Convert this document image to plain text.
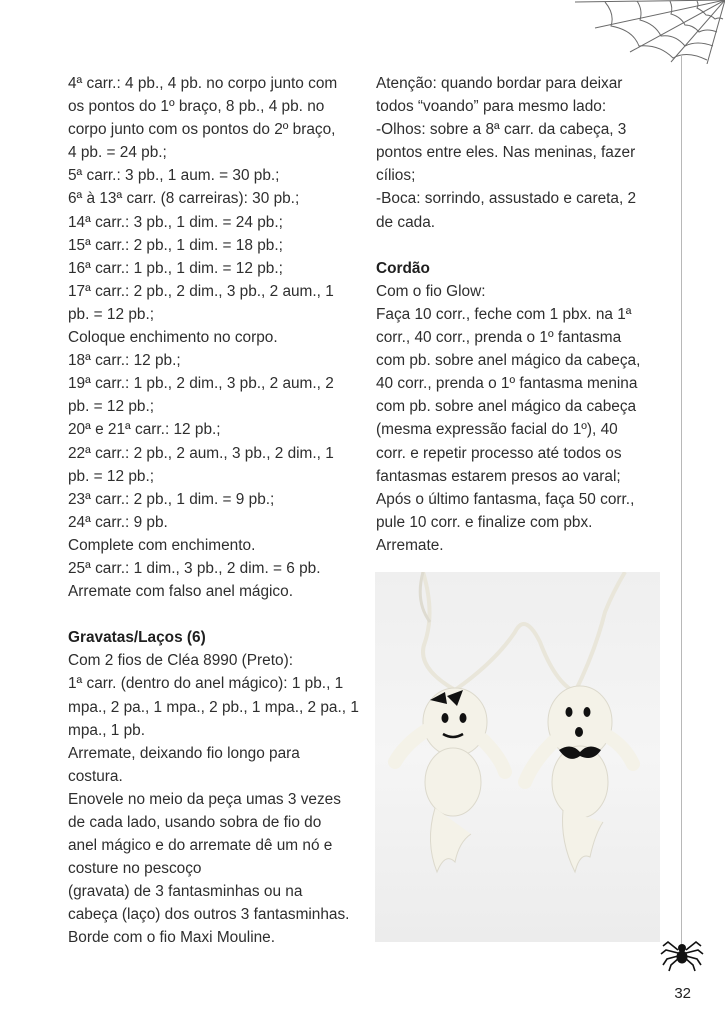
4ª carr.: 4 pb., 4 pb. no corpo junto com

os pontos do 1º braço, 8 pb., 4 pb. no

corpo junto com os pontos do 2º braço,

4 pb. = 24 pb.;

5ª carr.: 3 pb., 1 aum. = 30 pb.;

6ª à 13ª carr. (8 carreiras): 30 pb.;

14ª carr.: 3 pb., 1 dim. = 24 pb.;

15ª carr.: 2 pb., 1 dim. = 18 pb.;

16ª carr.: 1 pb., 1 dim. = 12 pb.;

17ª carr.: 2 pb., 2 dim., 3 pb., 2 aum., 1

pb. = 12 pb.;

Coloque enchimento no corpo.

18ª carr.: 12 pb.;

19ª carr.: 1 pb., 2 dim., 3 pb., 2 aum., 2

pb. = 12 pb.;

20ª e 21ª carr.: 12 pb.;

22ª carr.: 2 pb., 2 aum., 3 pb., 2 dim., 1

pb. = 12 pb.;

23ª carr.: 2 pb., 1 dim. = 9 pb.;

24ª carr.: 9 pb.

Complete com enchimento.

25ª carr.: 1 dim., 3 pb., 2 dim. = 6 pb.

Arremate com falso anel mágico.

Gravatas/Laços (6)

Com 2 fios de Cléa 8990 (Preto):

1ª carr. (dentro do anel mágico): 1 pb., 1

mpa., 2 pa., 1 mpa., 2 pb., 1 mpa., 2 pa., 1

mpa., 1 pb.

Arremate, deixando fio longo para

costura.

Enovele no meio da peça umas 3 vezes

de cada lado, usando sobra de fio do

anel mágico e do arremate dê um nó e

costure no pescoço

(gravata) de 3 fantasminhas ou na

cabeça (laço) dos outros 3 fantasminhas.

Borde com o fio Maxi Mouline.

Atenção: quando bordar para deixar

todos “voando” para mesmo lado:

-Olhos: sobre a 8ª carr. da cabeça, 3

pontos entre eles. Nas meninas, fazer

cílios;

-Boca: sorrindo, assustado e careta, 2

de cada.

Cordão

Com o fio Glow:

Faça 10 corr., feche com 1 pbx. na 1ª

corr., 40 corr., prenda o 1º fantasma

com pb. sobre anel mágico da cabeça,

40 corr., prenda o 1º fantasma menina

com pb. sobre anel mágico da cabeça

(mesma expressão facial do 1º), 40

corr. e repetir processo até todos os

fantasmas estarem presos ao varal;

Após o último fantasma, faça 50 corr.,

pule 10 corr. e finalize com pbx.

Arremate.

32
